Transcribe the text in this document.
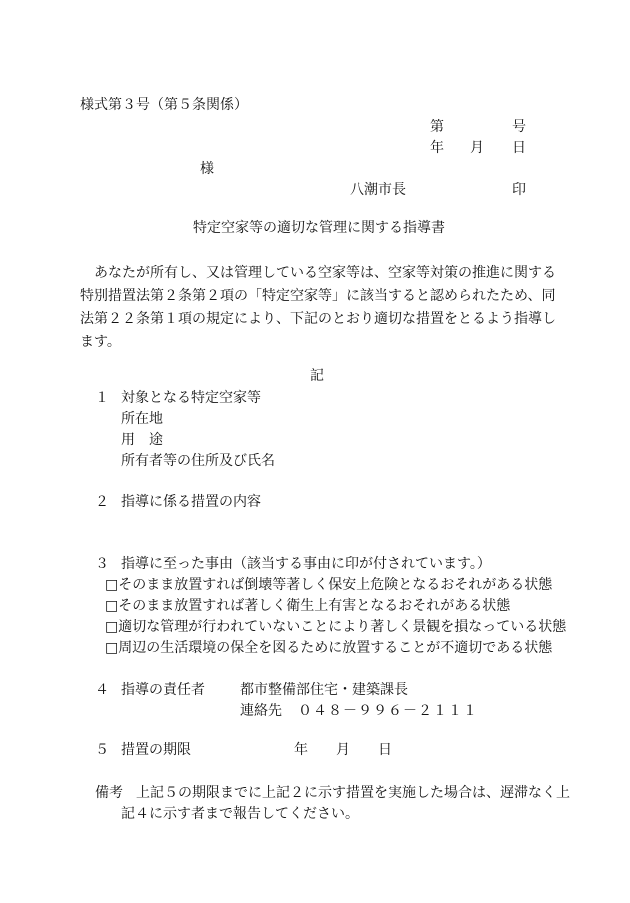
様式第３号（第５条関係）
第	号
年 月 日
様
八潮市長	印
特定空家等の適切な管理に関する指導書
　あなたが所有し、又は管理している空家等は、空家等対策の推進に関する
特別措置法第２条第２項の「特定空家等」に該当すると認められたため、同
法第２２条第１項の規定により、下記のとおり適切な措置をとるよう指導し
ます。
記
１ 対象となる特定空家等
所在地
用　途
所有者等の住所及び氏名
２ 指導に係る措置の内容
３ 指導に至った事由（該当する事由に印が付されています。）
□そのまま放置すれば倒壊等著しく保安上危険となるおそれがある状態
□そのまま放置すれば著しく衛生上有害となるおそれがある状態
□適切な管理が行われていないことにより著しく景観を損なっている状態
□周辺の生活環境の保全を図るために放置することが不適切である状態
４ 指導の責任者	都市整備部住宅・建築課長
連絡先 ０４８－９９６－２１１１
５ 措置の期限	年 月 日
備考 上記５の期限までに上記２に示す措置を実施した場合は、遅滞なく上
記４に示す者まで報告してください。
